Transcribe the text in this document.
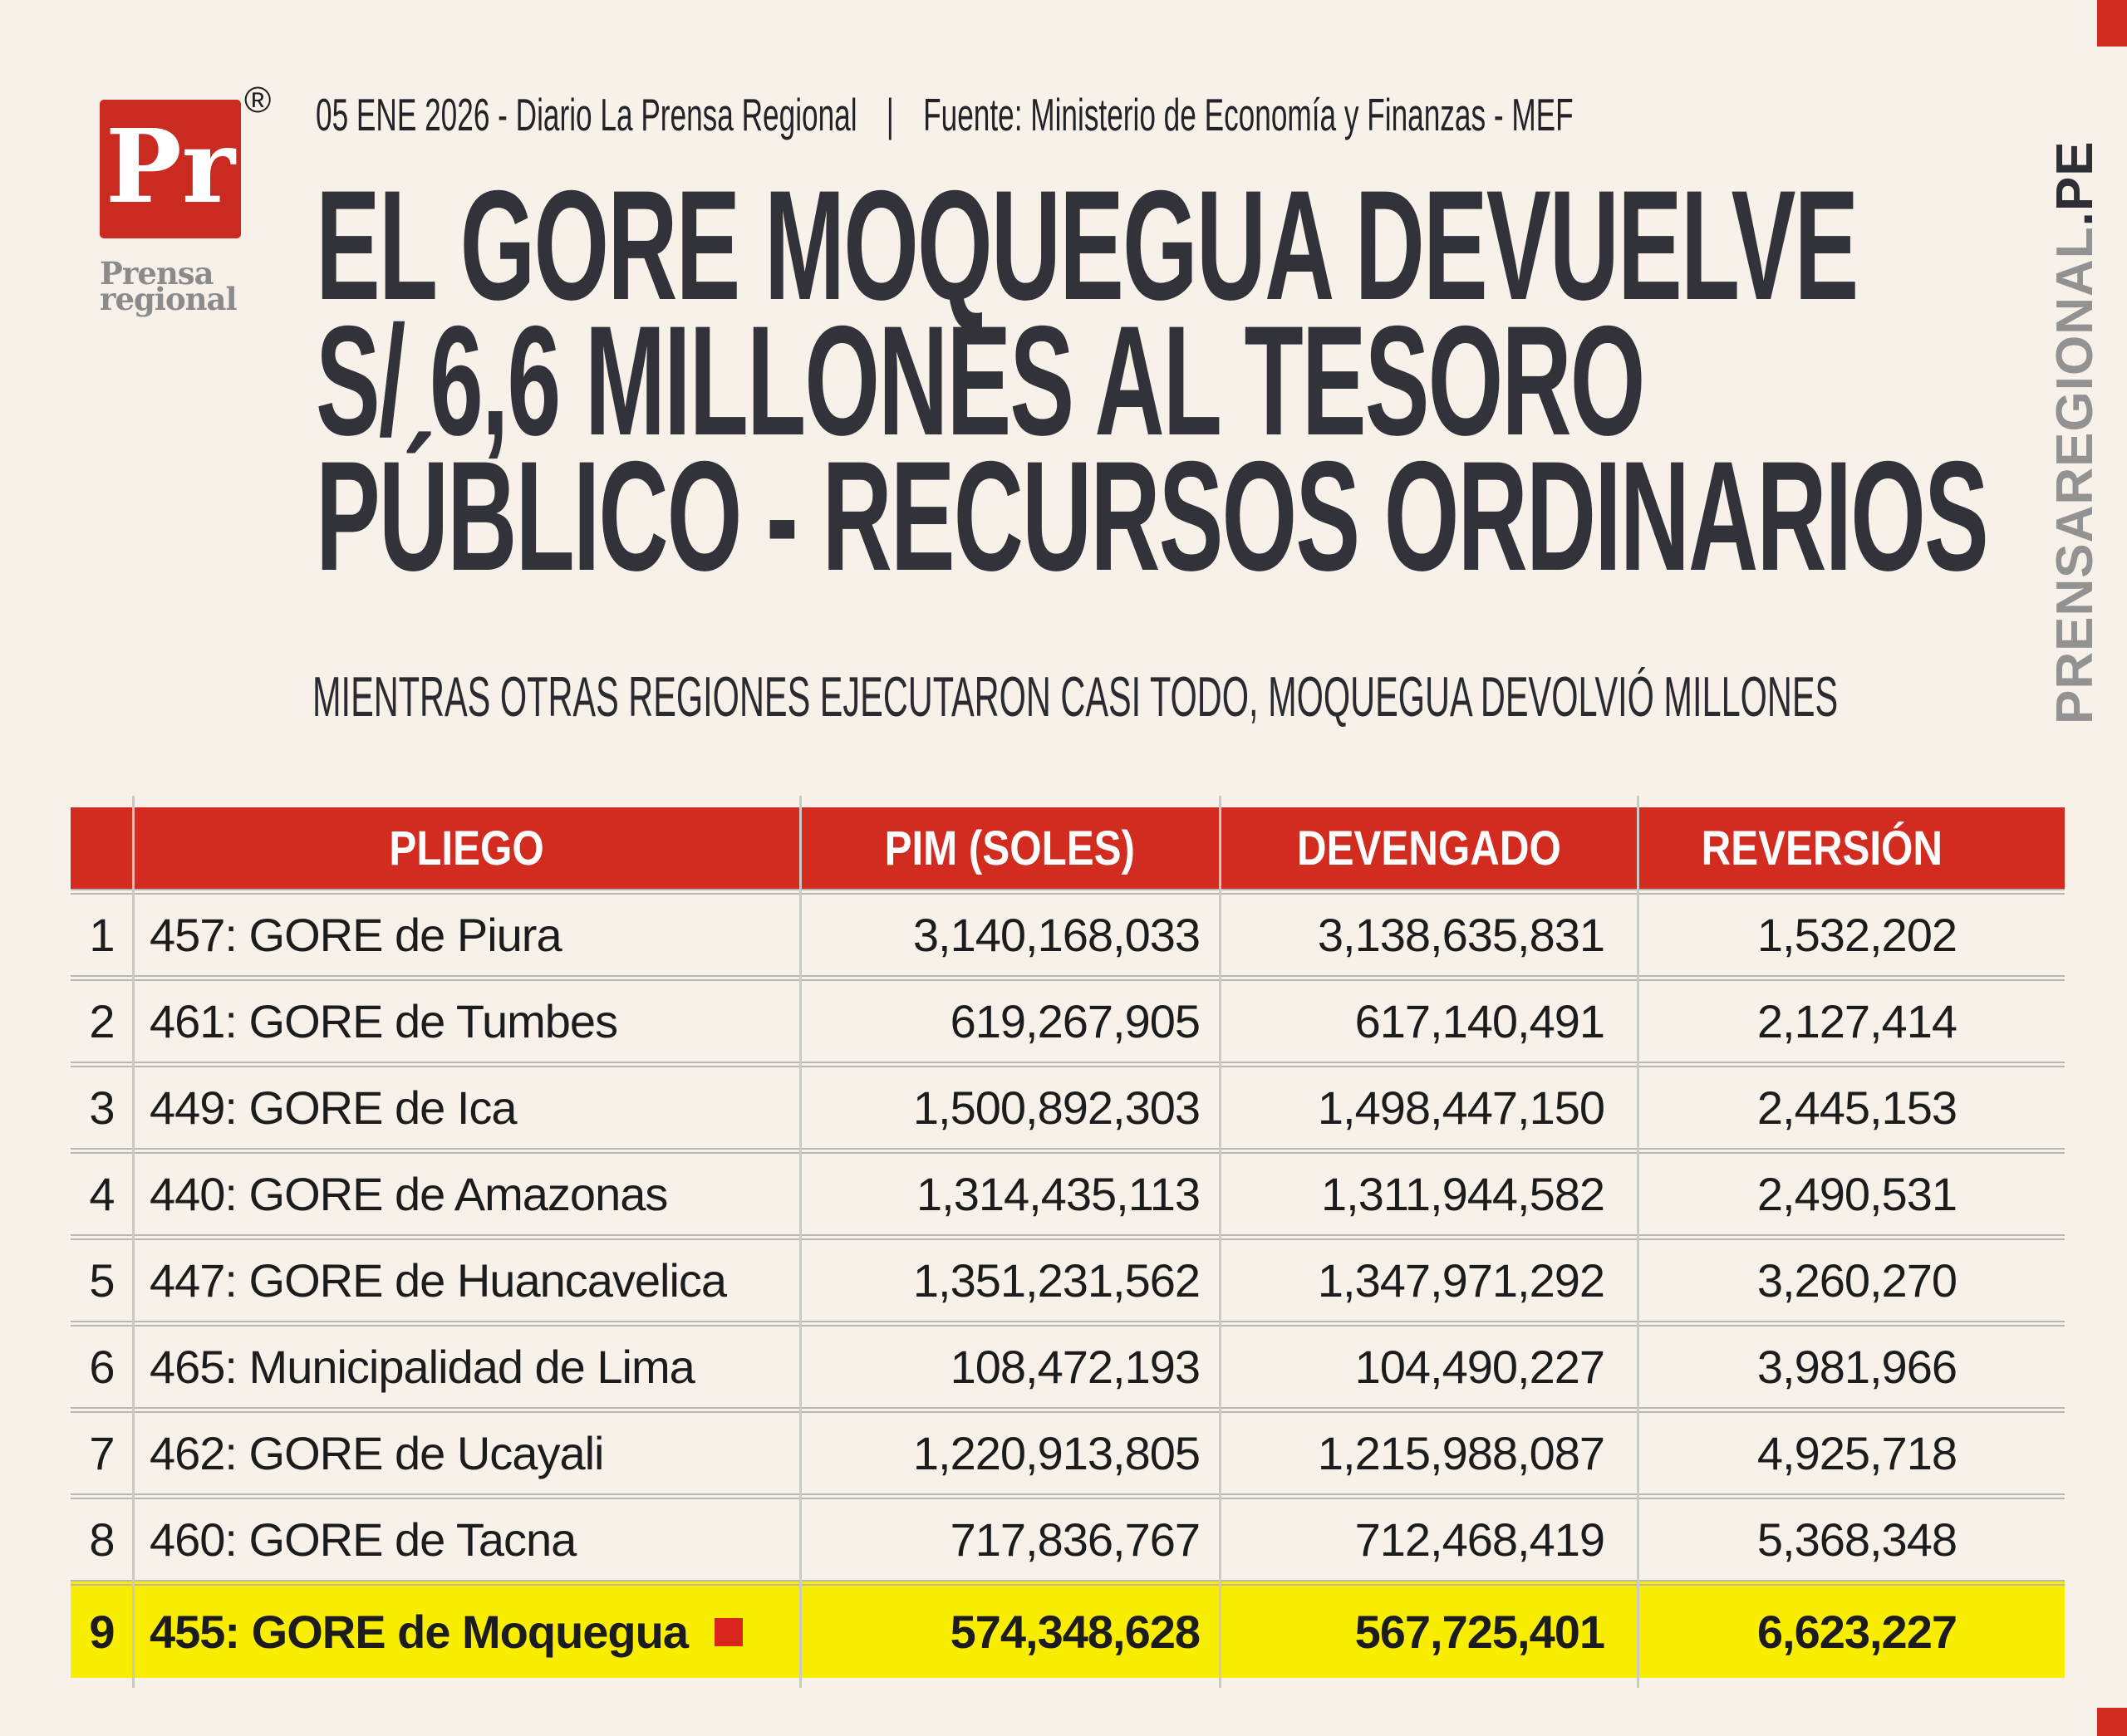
Pr
®
Prensa
regional
05 ENE 2026 - Diario La Prensa Regional | Fuente: Ministerio de Economía y Finanzas - MEF
EL GORE MOQUEGUA DEVUELVE
S/ 6,6 MILLONES AL TESORO
PÚBLICO - RECURSOS ORDINARIOS
MIENTRAS OTRAS REGIONES EJECUTARON CASI TODO, MOQUEGUA DEVOLVIÓ MILLONES	PRENSAREGIONAL.PE
PLIEGO	PIM (SOLES)	DEVENGADO	REVERSIÓN
1 457: GORE de Piura	3,140,168,033	3,138,635,831	1,532,202
2 461: GORE de Tumbes	619,267,905	617,140,491	2,127,414
3 449: GORE de Ica	1,500,892,303	1,498,447,150	2,445,153
4 440: GORE de Amazonas	1,314,435,113	1,311,944,582	2,490,531
5 447: GORE de Huancavelica	1,351,231,562	1,347,971,292	3,260,270
6 465: Municipalidad de Lima	108,472,193	104,490,227	3,981,966
7 462: GORE de Ucayali	1,220,913,805	1,215,988,087	4,925,718
8 460: GORE de Tacna	717,836,767	712,468,419	5,368,348
9 455: GORE de Moquegua	574,348,628	567,725,401	6,623,227
